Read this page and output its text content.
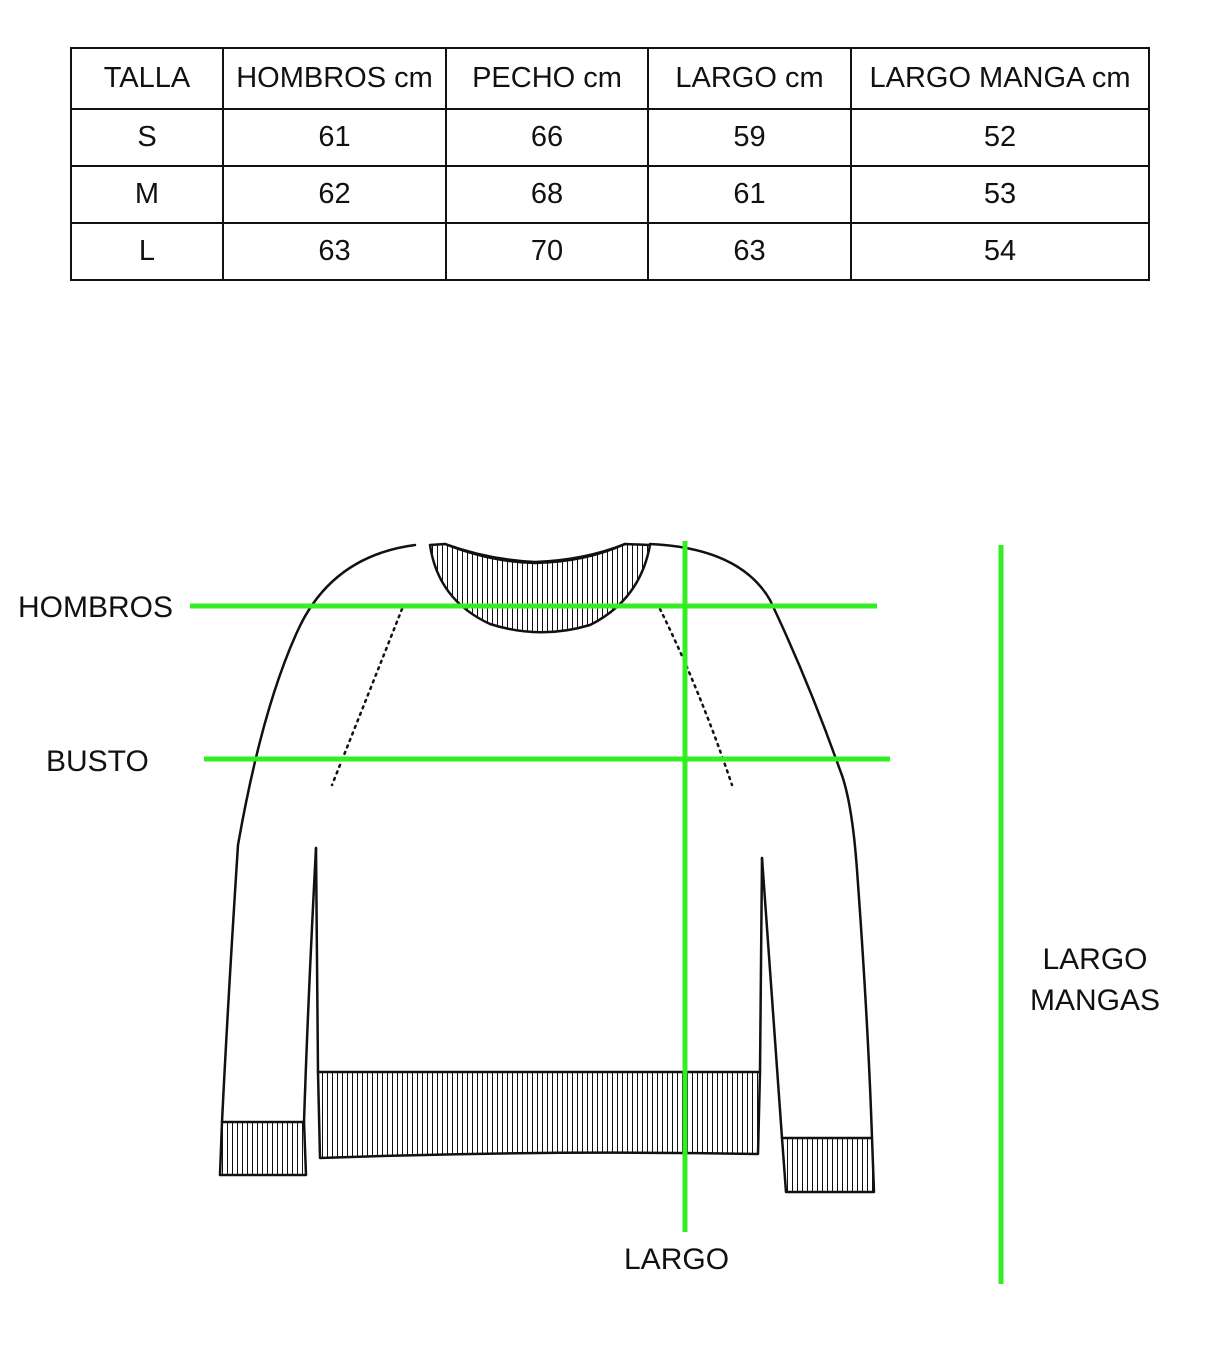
TALLA	HOMBROS cm	PECHO cm	LARGO cm	LARGO MANGA cm
S	61	66	59	52
M	62	68	61	53
L	63	70	63	54
HOMBROS
BUSTO
LARGO
LARGO
MANGAS
